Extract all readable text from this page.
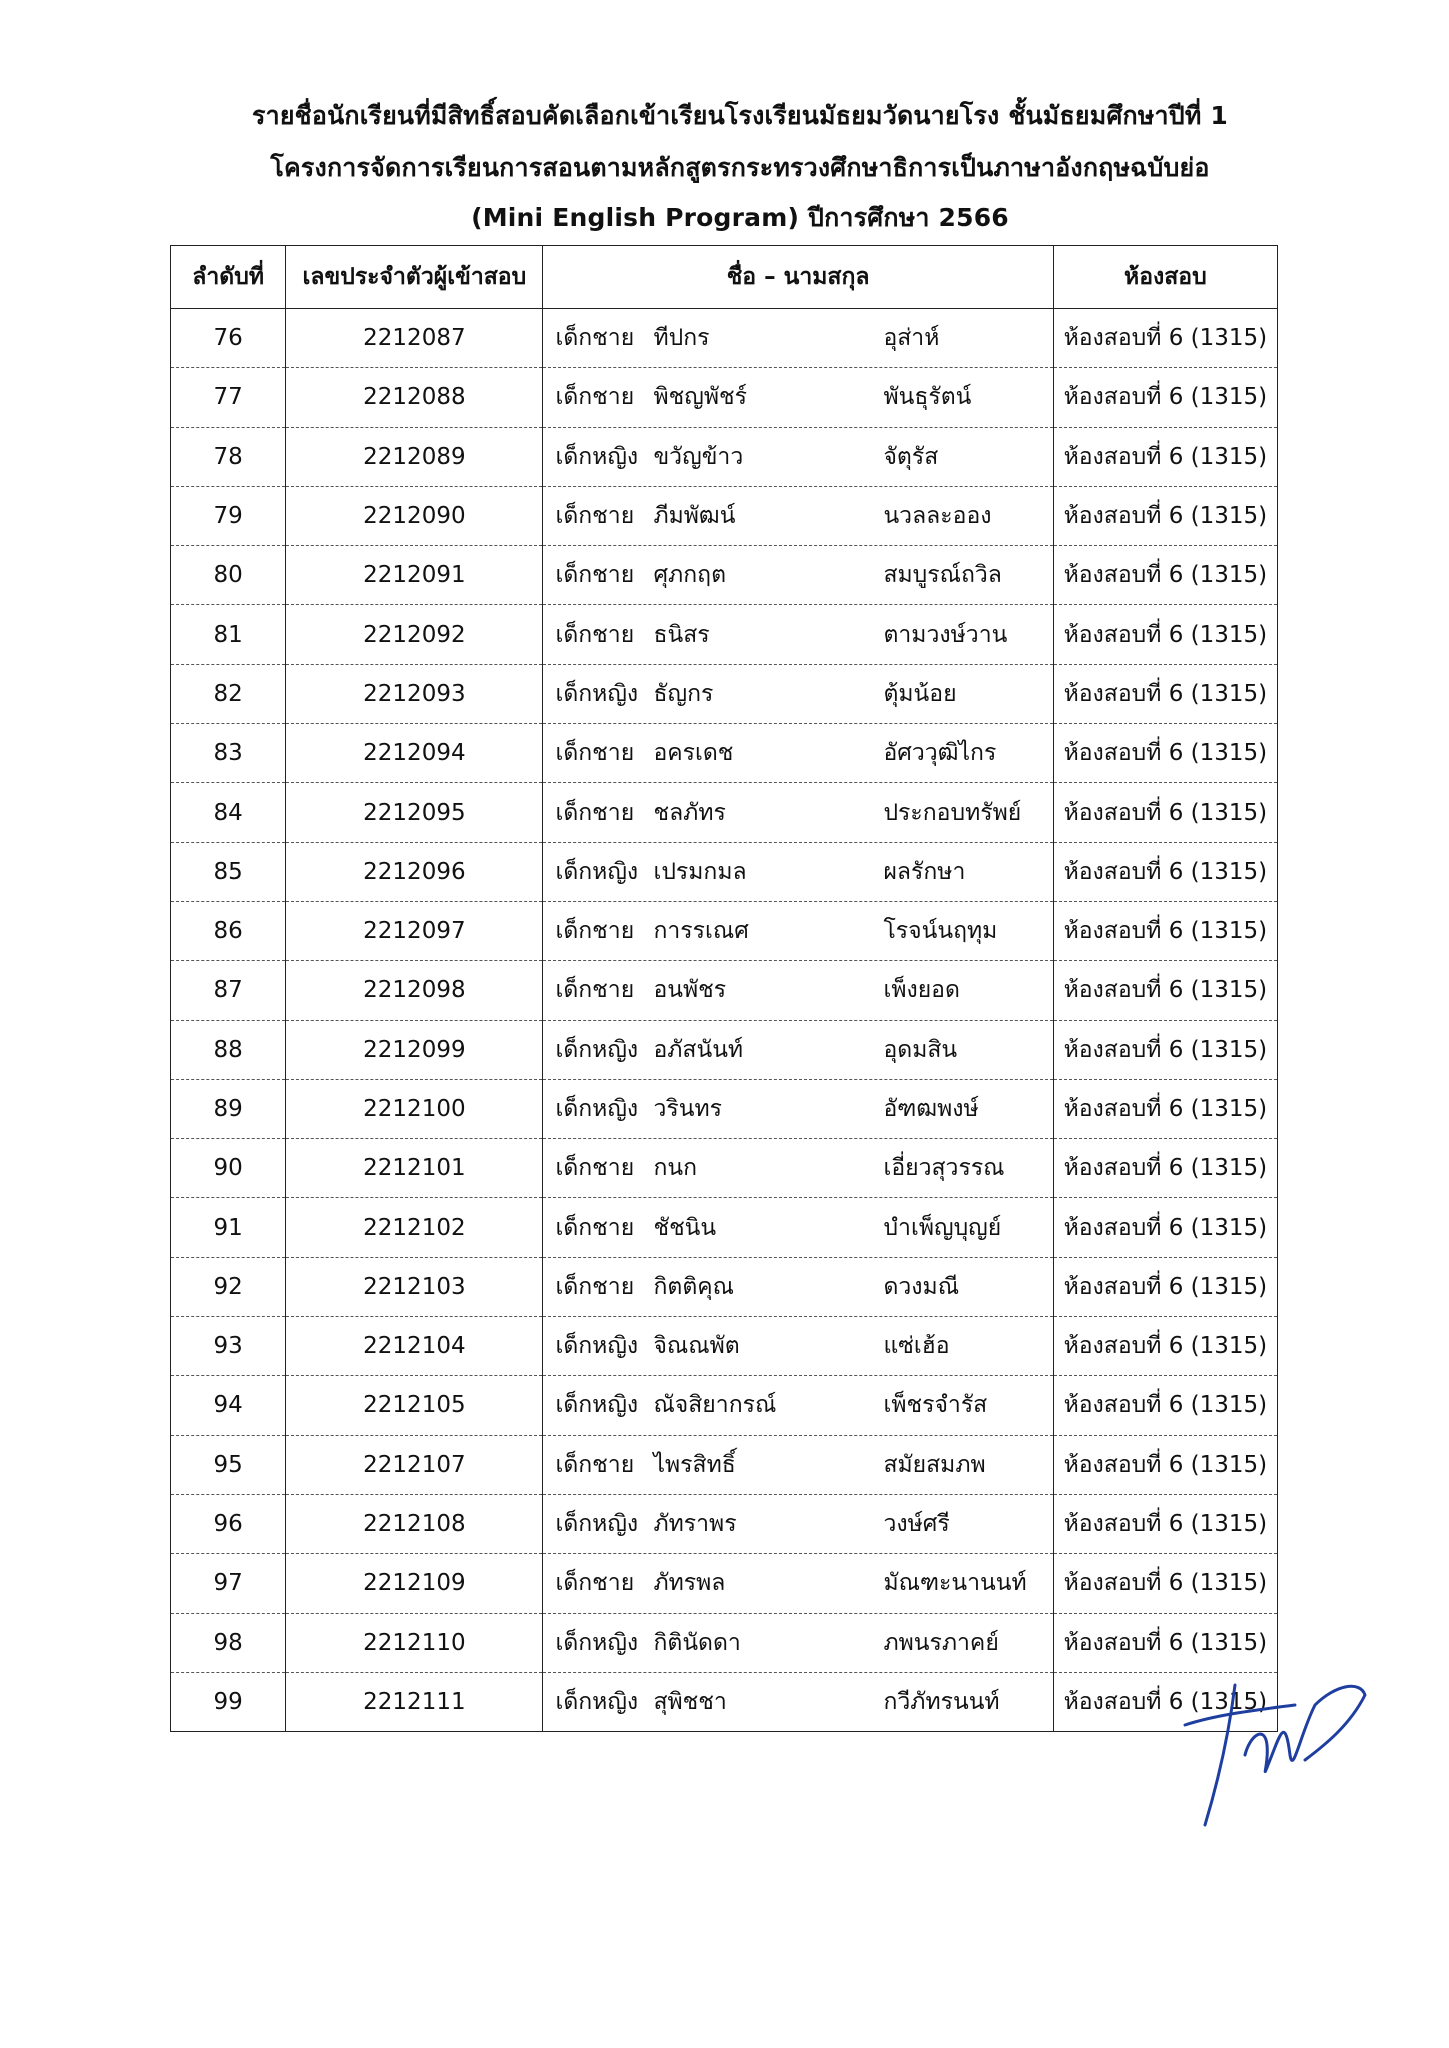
รายชื่อนักเรียนที่มีสิทธิ์สอบคัดเลือกเข้าเรียนโรงเรียนมัธยมวัดนายโรง ชั้นมัธยมศึกษาปีที่ 1
โครงการจัดการเรียนการสอนตามหลักสูตรกระทรวงศึกษาธิการเป็นภาษาอังกฤษฉบับย่อ
(Mini English Program) ปีการศึกษา 2566
ลำดับที่	เลขประจำตัวผู้เข้าสอบ	ชื่อ – นามสกุล	ห้องสอบ
76	2212087	เด็กชาย ทีปกร อุส่าห์	ห้องสอบที่ 6 (1315)
77	2212088	เด็กชาย พิชญพัชร์ พันธุรัตน์	ห้องสอบที่ 6 (1315)
78	2212089	เด็กหญิง ขวัญข้าว จัตุรัส	ห้องสอบที่ 6 (1315)
79	2212090	เด็กชาย ภีมพัฒน์ นวลละออง	ห้องสอบที่ 6 (1315)
80	2212091	เด็กชาย ศุภกฤต สมบูรณ์ถวิล	ห้องสอบที่ 6 (1315)
81	2212092	เด็กชาย ธนิสร ตามวงษ์วาน	ห้องสอบที่ 6 (1315)
82	2212093	เด็กหญิง ธัญกร ตุ้มน้อย	ห้องสอบที่ 6 (1315)
83	2212094	เด็กชาย อครเดช อัศววุฒิไกร	ห้องสอบที่ 6 (1315)
84	2212095	เด็กชาย ชลภัทร ประกอบทรัพย์	ห้องสอบที่ 6 (1315)
85	2212096	เด็กหญิง เปรมกมล ผลรักษา	ห้องสอบที่ 6 (1315)
86	2212097	เด็กชาย การรเณศ โรจน์นฤทุม	ห้องสอบที่ 6 (1315)
87	2212098	เด็กชาย อนพัชร เพ็งยอด	ห้องสอบที่ 6 (1315)
88	2212099	เด็กหญิง อภัสนันท์ อุดมสิน	ห้องสอบที่ 6 (1315)
89	2212100	เด็กหญิง วรินทร อัฑฒพงษ์	ห้องสอบที่ 6 (1315)
90	2212101	เด็กชาย กนก เอี่ยวสุวรรณ	ห้องสอบที่ 6 (1315)
91	2212102	เด็กชาย ชัชนิน บำเพ็ญบุญย์	ห้องสอบที่ 6 (1315)
92	2212103	เด็กชาย กิตติคุณ ดวงมณี	ห้องสอบที่ 6 (1315)
93	2212104	เด็กหญิง จิณณพัต แซ่เฮ้อ	ห้องสอบที่ 6 (1315)
94	2212105	เด็กหญิง ณัจสิยากรณ์ เพ็ชรจำรัส	ห้องสอบที่ 6 (1315)
95	2212107	เด็กชาย ไพรสิทธิ์ สมัยสมภพ	ห้องสอบที่ 6 (1315)
96	2212108	เด็กหญิง ภัทราพร วงษ์ศรี	ห้องสอบที่ 6 (1315)
97	2212109	เด็กชาย ภัทรพล มัณฑะนานนท์	ห้องสอบที่ 6 (1315)
98	2212110	เด็กหญิง กิตินัดดา ภพนรภาคย์	ห้องสอบที่ 6 (1315)
99	2212111	เด็กหญิง สุพิชชา กวีภัทรนนท์	ห้องสอบที่ 6 (1315)
